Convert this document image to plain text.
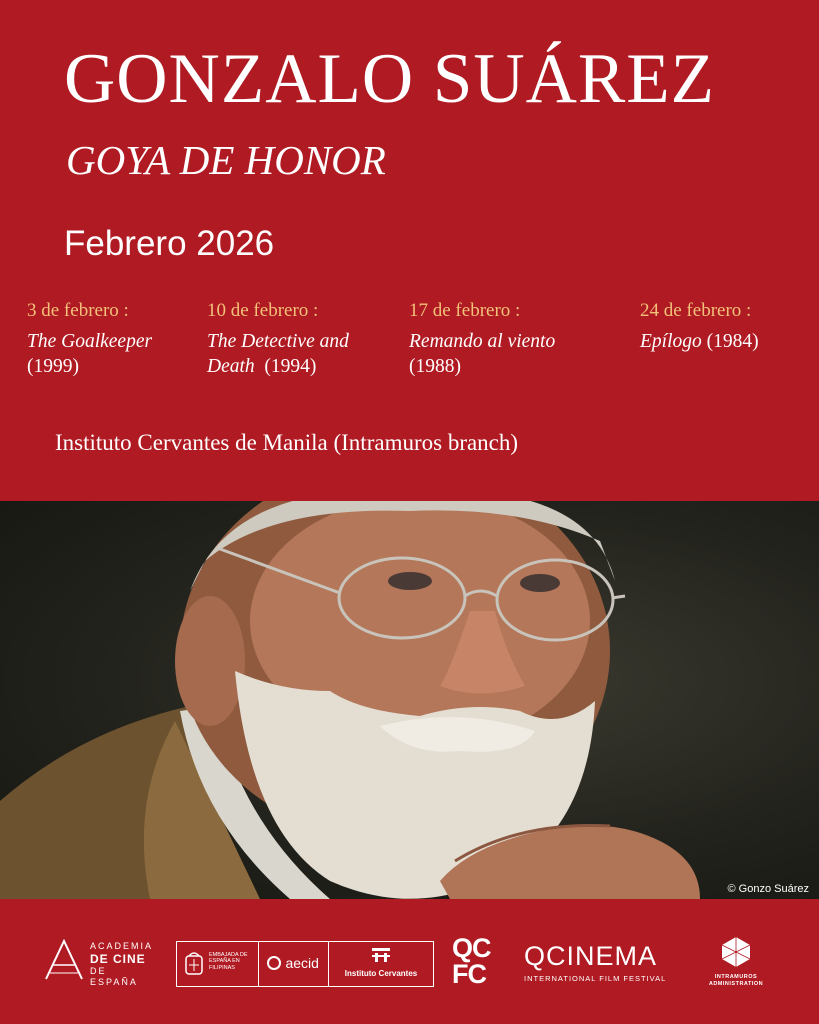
GONZALO SUÁREZ
GOYA DE HONOR
Febrero 2026
3 de febrero :
The Goalkeeper
(1999)
10 de febrero :
The Detective and
Death (1994)
17 de febrero :
Remando al viento
(1988)
24 de febrero :
Epílogo (1984)
Instituto Cervantes de Manila (Intramuros branch)
© Gonzo Suárez
ACADEMIA
DE CINE
DE ESPAÑA
EMBAJADA DE ESPAÑA EN FILIPINAS	aecid
Instituto Cervantes
QC
FC
QCINEMA
INTERNATIONAL FILM FESTIVAL	INTRAMUROS
ADMINISTRATION
